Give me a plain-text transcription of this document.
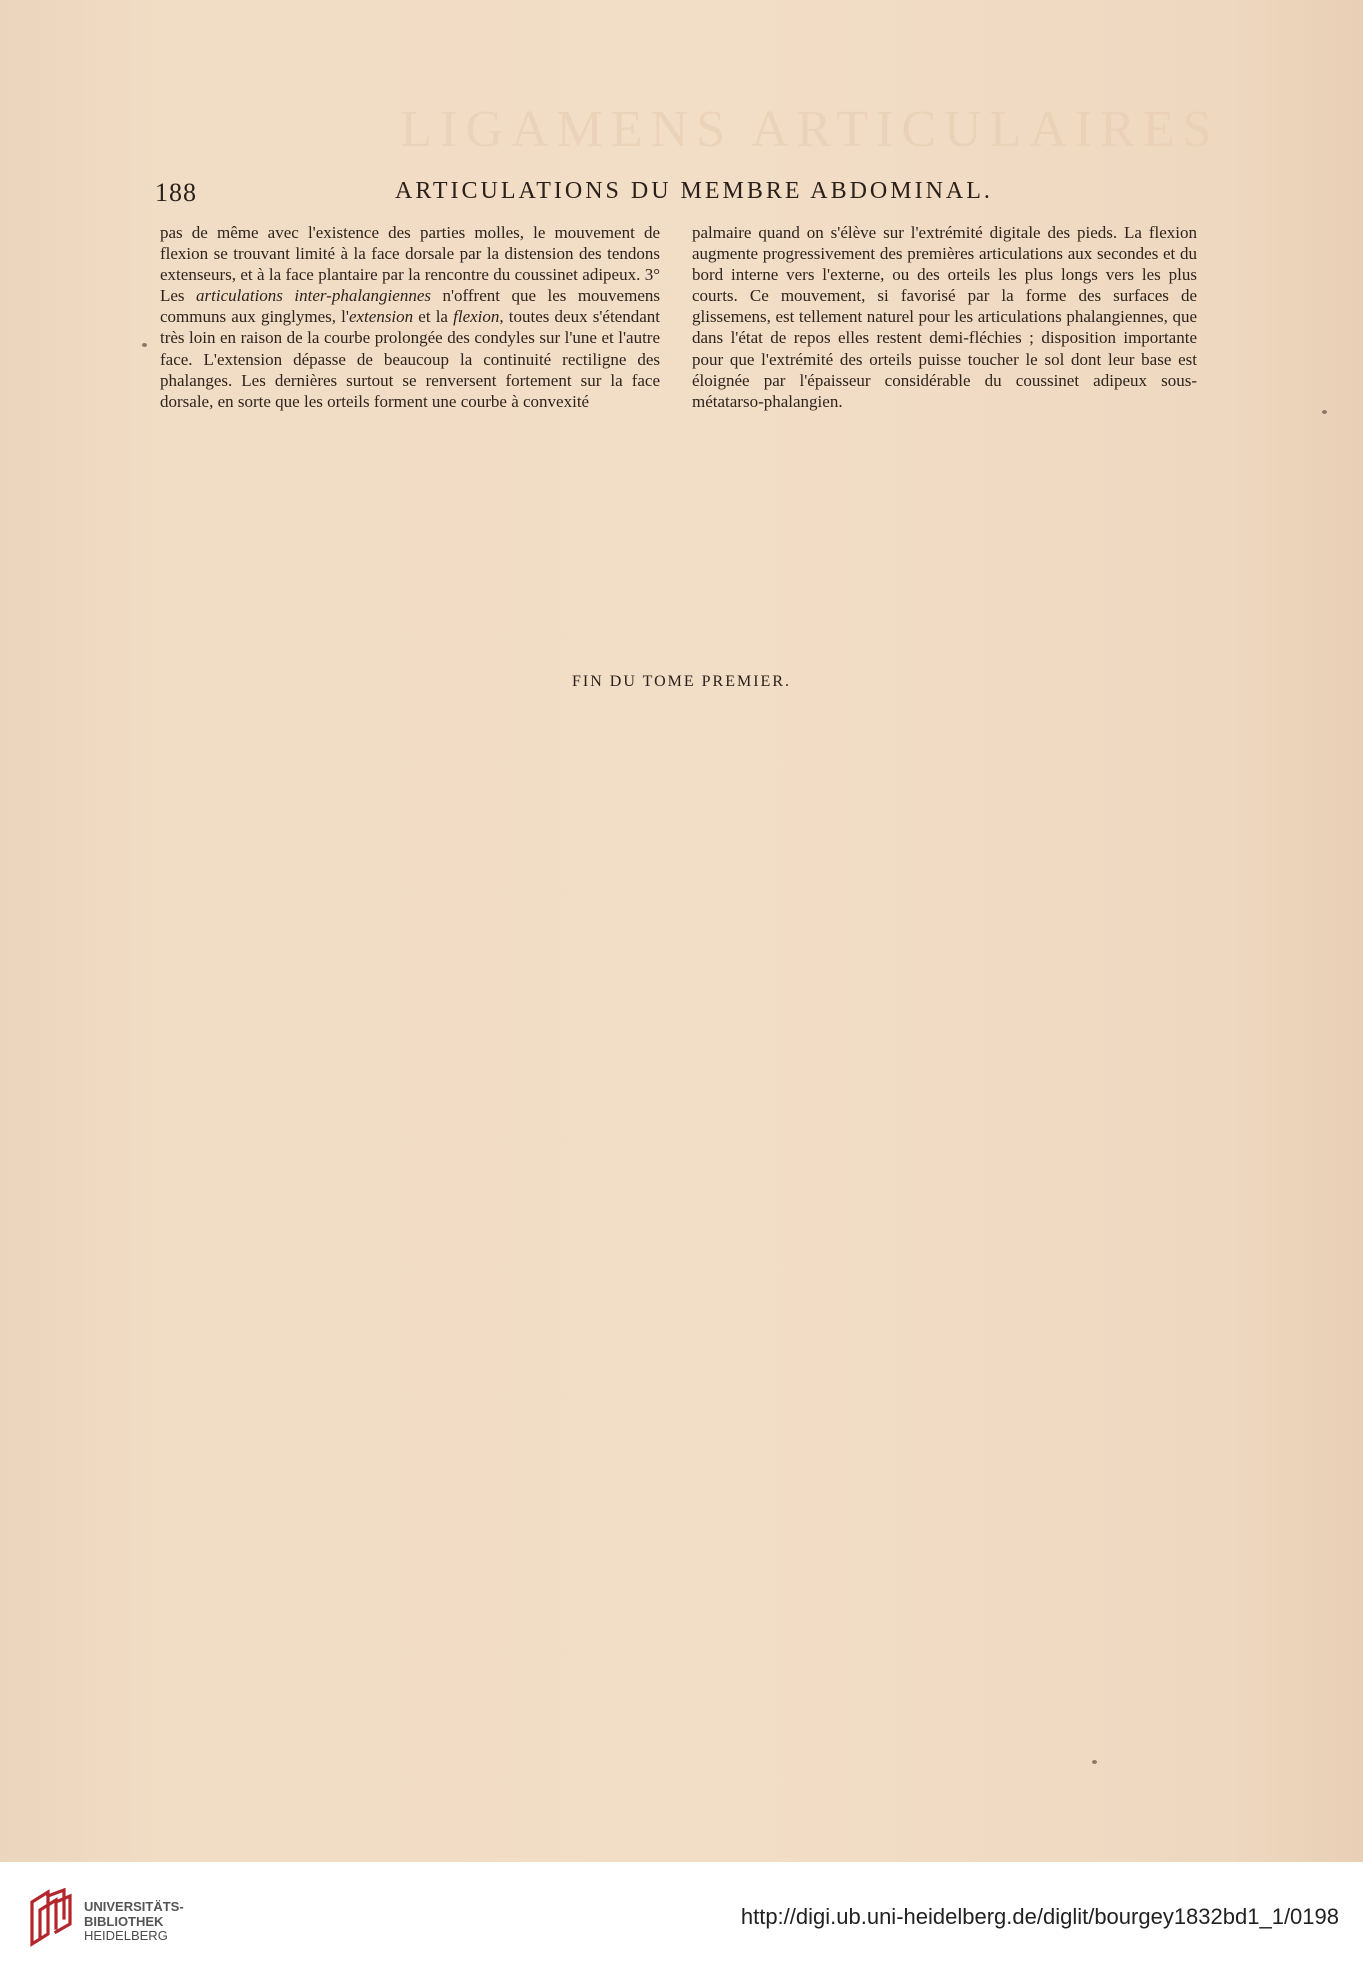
LIGAMENS ARTICULAIRES
188	ARTICULATIONS DU MEMBRE ABDOMINAL.

pas de même avec l'existence des parties molles, le mouvement de flexion se trouvant limité à la face dorsale par la distension des tendons extenseurs, et à la face plantaire par la rencontre du coussinet adipeux. 3° Les articulations inter-phalangiennes n'offrent que les mouvemens communs aux ginglymes, l'extension et la flexion, toutes deux s'étendant très loin en raison de la courbe prolongée des condyles sur l'une et l'autre face. L'extension dépasse de beaucoup la continuité rectiligne des phalanges. Les dernières surtout se renversent fortement sur la face dorsale, en sorte que les orteils forment une courbe à convexité

palmaire quand on s'élève sur l'extrémité digitale des pieds. La flexion augmente progressivement des premières articulations aux secondes et du bord interne vers l'externe, ou des orteils les plus longs vers les plus courts. Ce mouvement, si favorisé par la forme des surfaces de glissemens, est tellement naturel pour les articulations phalangiennes, que dans l'état de repos elles restent demi-fléchies ; disposition importante pour que l'extrémité des orteils puisse toucher le sol dont leur base est éloignée par l'épaisseur considérable du coussinet adipeux sous-métatarso-phalangien.

FIN DU TOME PREMIER.
UNIVERSITÄTS-
BIBLIOTHEK
HEIDELBERG
http://digi.ub.uni-heidelberg.de/diglit/bourgey1832bd1_1/0198
